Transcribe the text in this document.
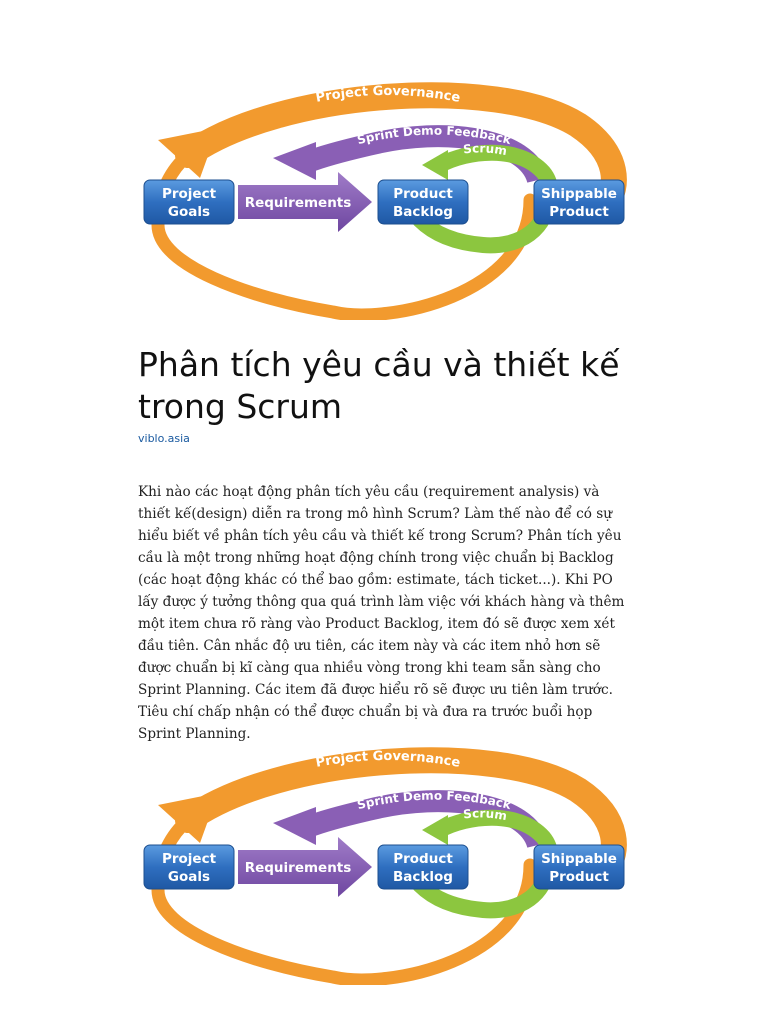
Project Governance
Sprint Demo Feedback
Scrum
Requirements
Project
Goals
Product
Backlog
Shippable
Product
Phân tích yêu cầu và thiết kế trong Scrum
viblo.asia

Khi nào các hoạt động phân tích yêu cầu (requirement analysis) và thiết kế(design) diễn ra trong mô hình Scrum? Làm thế nào để có sự hiểu biết về phân tích yêu cầu và thiết kế trong Scrum? Phân tích yêu cầu là một trong những hoạt động chính trong việc chuẩn bị Backlog (các hoạt động khác có thể bao gồm: estimate, tách ticket...). Khi PO lấy được ý tưởng thông qua quá trình làm việc với khách hàng và thêm một item chưa rõ ràng vào Product Backlog, item đó sẽ được xem xét đầu tiên. Cân nhắc độ ưu tiên, các item này và các item nhỏ hơn sẽ được chuẩn bị kĩ càng qua nhiều vòng trong khi team sẵn sàng cho Sprint Planning. Các item đã được hiểu rõ sẽ được ưu tiên làm trước. Tiêu chí chấp nhận có thể được chuẩn bị và đưa ra trước buổi họp Sprint Planning.

Project Governance
Sprint Demo Feedback
Scrum
Requirements
Project
Goals
Product
Backlog
Shippable
Product
